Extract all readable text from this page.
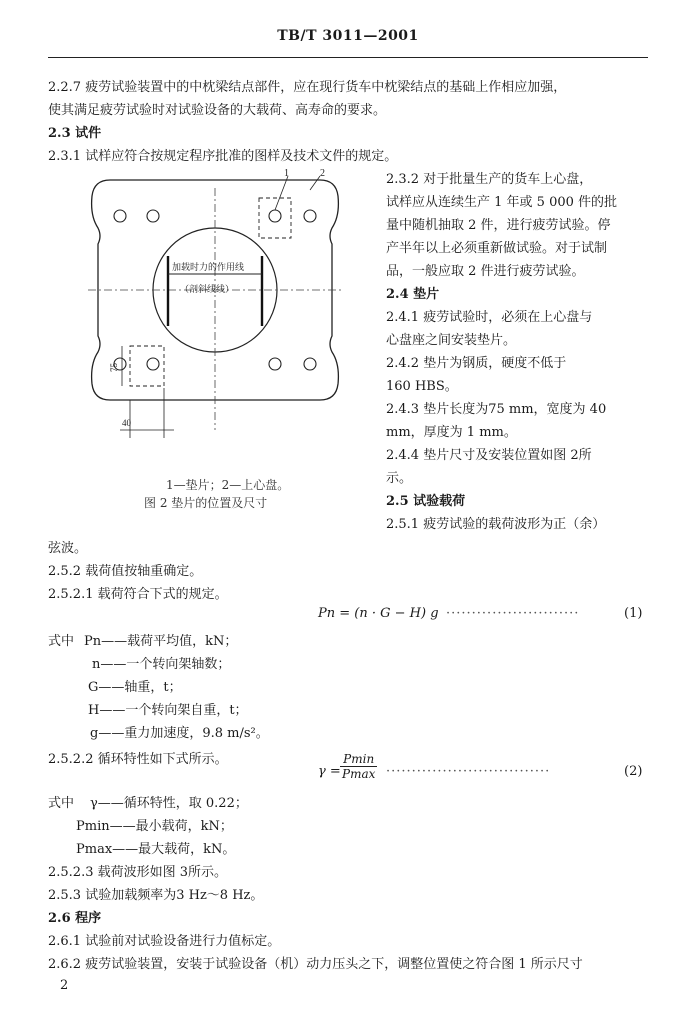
TB/T 3011—2001
2.2.7 疲劳试验装置中的中枕梁结点部件，应在现行货车中枕梁结点的基础上作相应加强，
使其满足疲劳试验时对试验设备的大载荷、高寿命的要求。
2.3 试件
2.3.1 试样应符合按规定程序批准的图样及技术文件的规定。
1	2
加载时力的作用线
（剖斜线线）
75
40
1—垫片；2—上心盘。
图 2 垫片的位置及尺寸
2.3.2 对于批量生产的货车上心盘，
试样应从连续生产 1 年或 5 000 件的批
量中随机抽取 2 件，进行疲劳试验。停
产半年以上必须重新做试验。对于试制
品，一般应取 2 件进行疲劳试验。
2.4 垫片
2.4.1 疲劳试验时，必须在上心盘与
心盘座之间安装垫片。
2.4.2 垫片为钢质，硬度不低于
160 HBS。
2.4.3 垫片长度为75 mm，宽度为 40
mm，厚度为 1 mm。
2.4.4 垫片尺寸及安装位置如图 2所
示。
2.5 试验载荷
2.5.1 疲劳试验的载荷波形为正（余）
弦波。
2.5.2 载荷值按轴重确定。
2.5.2.1 载荷符合下式的规定。
Pn = (n · G − H) g ··························	(1)
式中 Pn——载荷平均值，kN；
n——一个转向架轴数；
G——轴重，t；
H——一个转向架自重，t；
g——重力加速度，9.8 m/s²。
2.5.2.2 循环特性如下式所示。
γ =
Pmin
Pmax ································	(2)
式中 γ——循环特性，取 0.22；
Pmin——最小载荷，kN；
Pmax——最大载荷，kN。
2.5.2.3 载荷波形如图 3所示。
2.5.3 试验加载频率为3 Hz～8 Hz。
2.6 程序
2.6.1 试验前对试验设备进行力值标定。
2.6.2 疲劳试验装置，安装于试验设备（机）动力压头之下，调整位置使之符合图 1 所示尺寸
2
